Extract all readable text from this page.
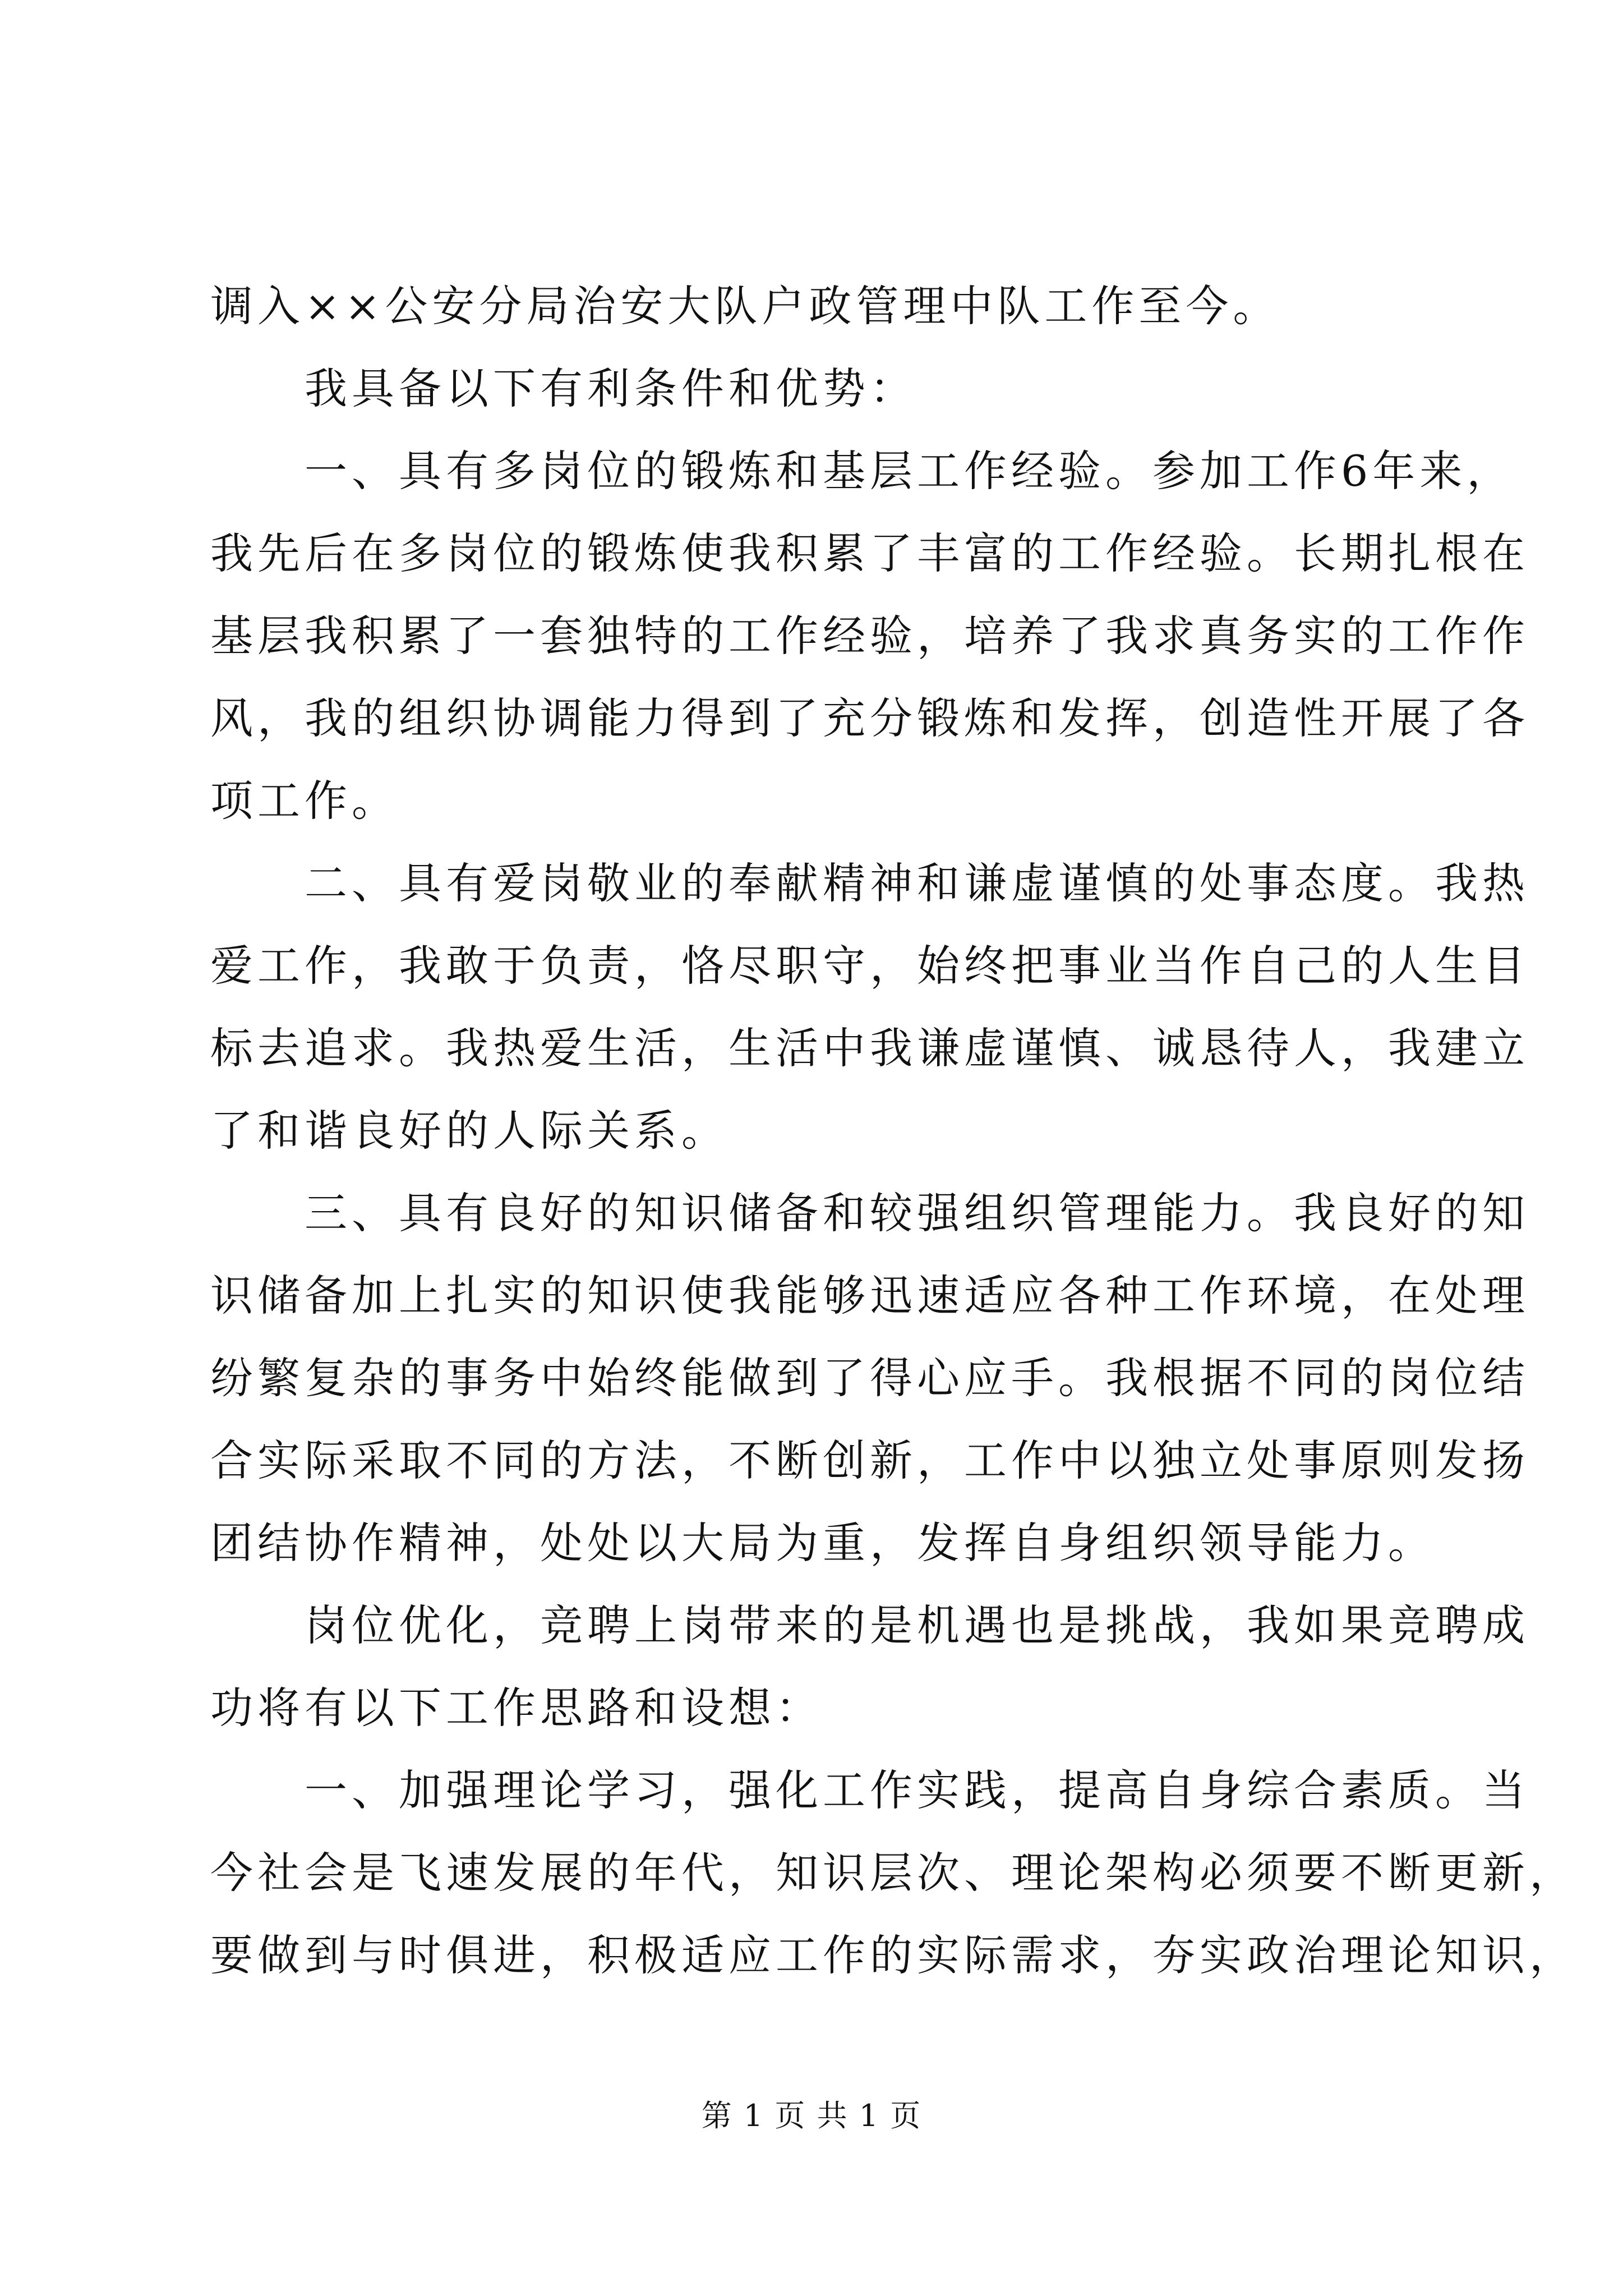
调入××公安分局治安大队户政管理中队工作至今。
我具备以下有利条件和优势：
一、具有多岗位的锻炼和基层工作经验。参加工作6年来，
我先后在多岗位的锻炼使我积累了丰富的工作经验。长期扎根在
基层我积累了一套独特的工作经验，培养了我求真务实的工作作
风，我的组织协调能力得到了充分锻炼和发挥，创造性开展了各
项工作。
二、具有爱岗敬业的奉献精神和谦虚谨慎的处事态度。我热
爱工作，我敢于负责，恪尽职守，始终把事业当作自己的人生目
标去追求。我热爱生活，生活中我谦虚谨慎、诚恳待人，我建立
了和谐良好的人际关系。
三、具有良好的知识储备和较强组织管理能力。我良好的知
识储备加上扎实的知识使我能够迅速适应各种工作环境，在处理
纷繁复杂的事务中始终能做到了得心应手。我根据不同的岗位结
合实际采取不同的方法，不断创新，工作中以独立处事原则发扬
团结协作精神，处处以大局为重，发挥自身组织领导能力。
岗位优化，竞聘上岗带来的是机遇也是挑战，我如果竞聘成
功将有以下工作思路和设想：
一、加强理论学习，强化工作实践，提高自身综合素质。当
今社会是飞速发展的年代，知识层次、理论架构必须要不断更新，
要做到与时俱进，积极适应工作的实际需求，夯实政治理论知识，
第 1 页 共 1 页
